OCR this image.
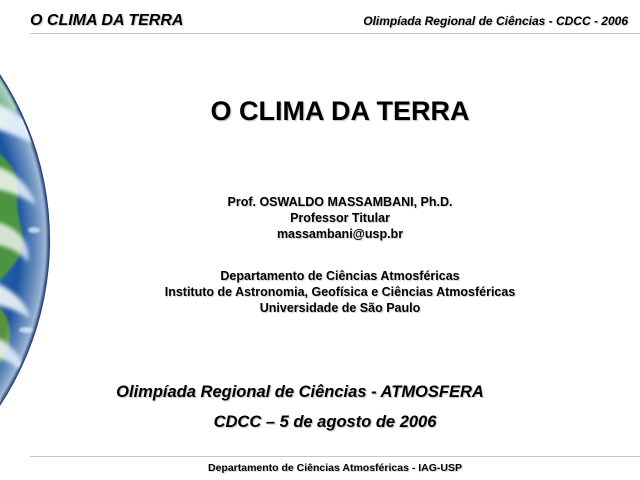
O CLIMA DA TERRA	Olimpíada Regional de Ciências - CDCC - 2006
O CLIMA DA TERRA
Prof. OSWALDO MASSAMBANI, Ph.D.
Professor Titular
massambani@usp.br
Departamento de Ciências Atmosféricas
Instituto de Astronomia, Geofísica e Ciências Atmosféricas
Universidade de São Paulo
Olimpíada Regional de Ciências - ATMOSFERA
CDCC – 5 de agosto de 2006
Departamento de Ciências Atmosféricas - IAG-USP
